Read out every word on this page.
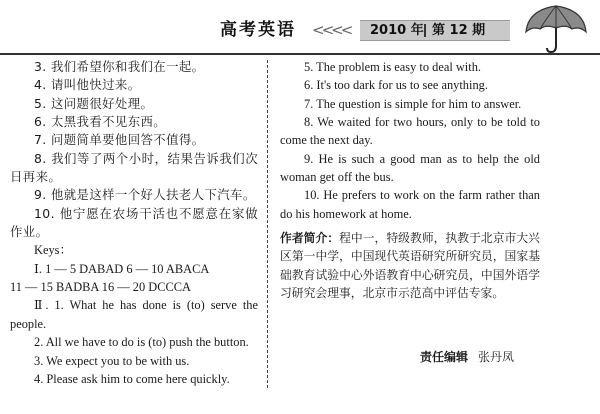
高考英语 <<<< 2010 年 第 12 期

3. 我们希望你和我们在一起。

4. 请叫他快过来。

5. 这问题很好处理。

6. 太黑我看不见东西。

7. 问题简单要他回答不值得。

8. 我们等了两个小时，结果告诉我们次日再来。

9. 他就是这样一个好人扶老人下汽车。

10. 他宁愿在农场干活也不愿意在家做作业。

Keys：

Ⅰ. 1 — 5 DABAD 6 — 10 ABACA

11 — 15 BADBA 16 — 20 DCCCA

Ⅱ. 1. What he has done is (to) serve the people.

2. All we have to do is (to) push the button.

3. We expect you to be with us.

4. Please ask him to come here quickly.

5. The problem is easy to deal with.

6. It's too dark for us to see anything.

7. The question is simple for him to answer.

8. We waited for two hours, only to be told to come the next day.

9. He is such a good man as to help the old woman get off the bus.

10. He prefers to work on the farm rather than do his homework at home.

作者简介：程中一，特级教师，执教于北京市大兴区第一中学，中国现代英语研究所研究员，国家基础教育试验中心外语教育中心研究员，中国外语学习研究会理事，北京市示范高中评估专家。

责任编辑 张丹凤
